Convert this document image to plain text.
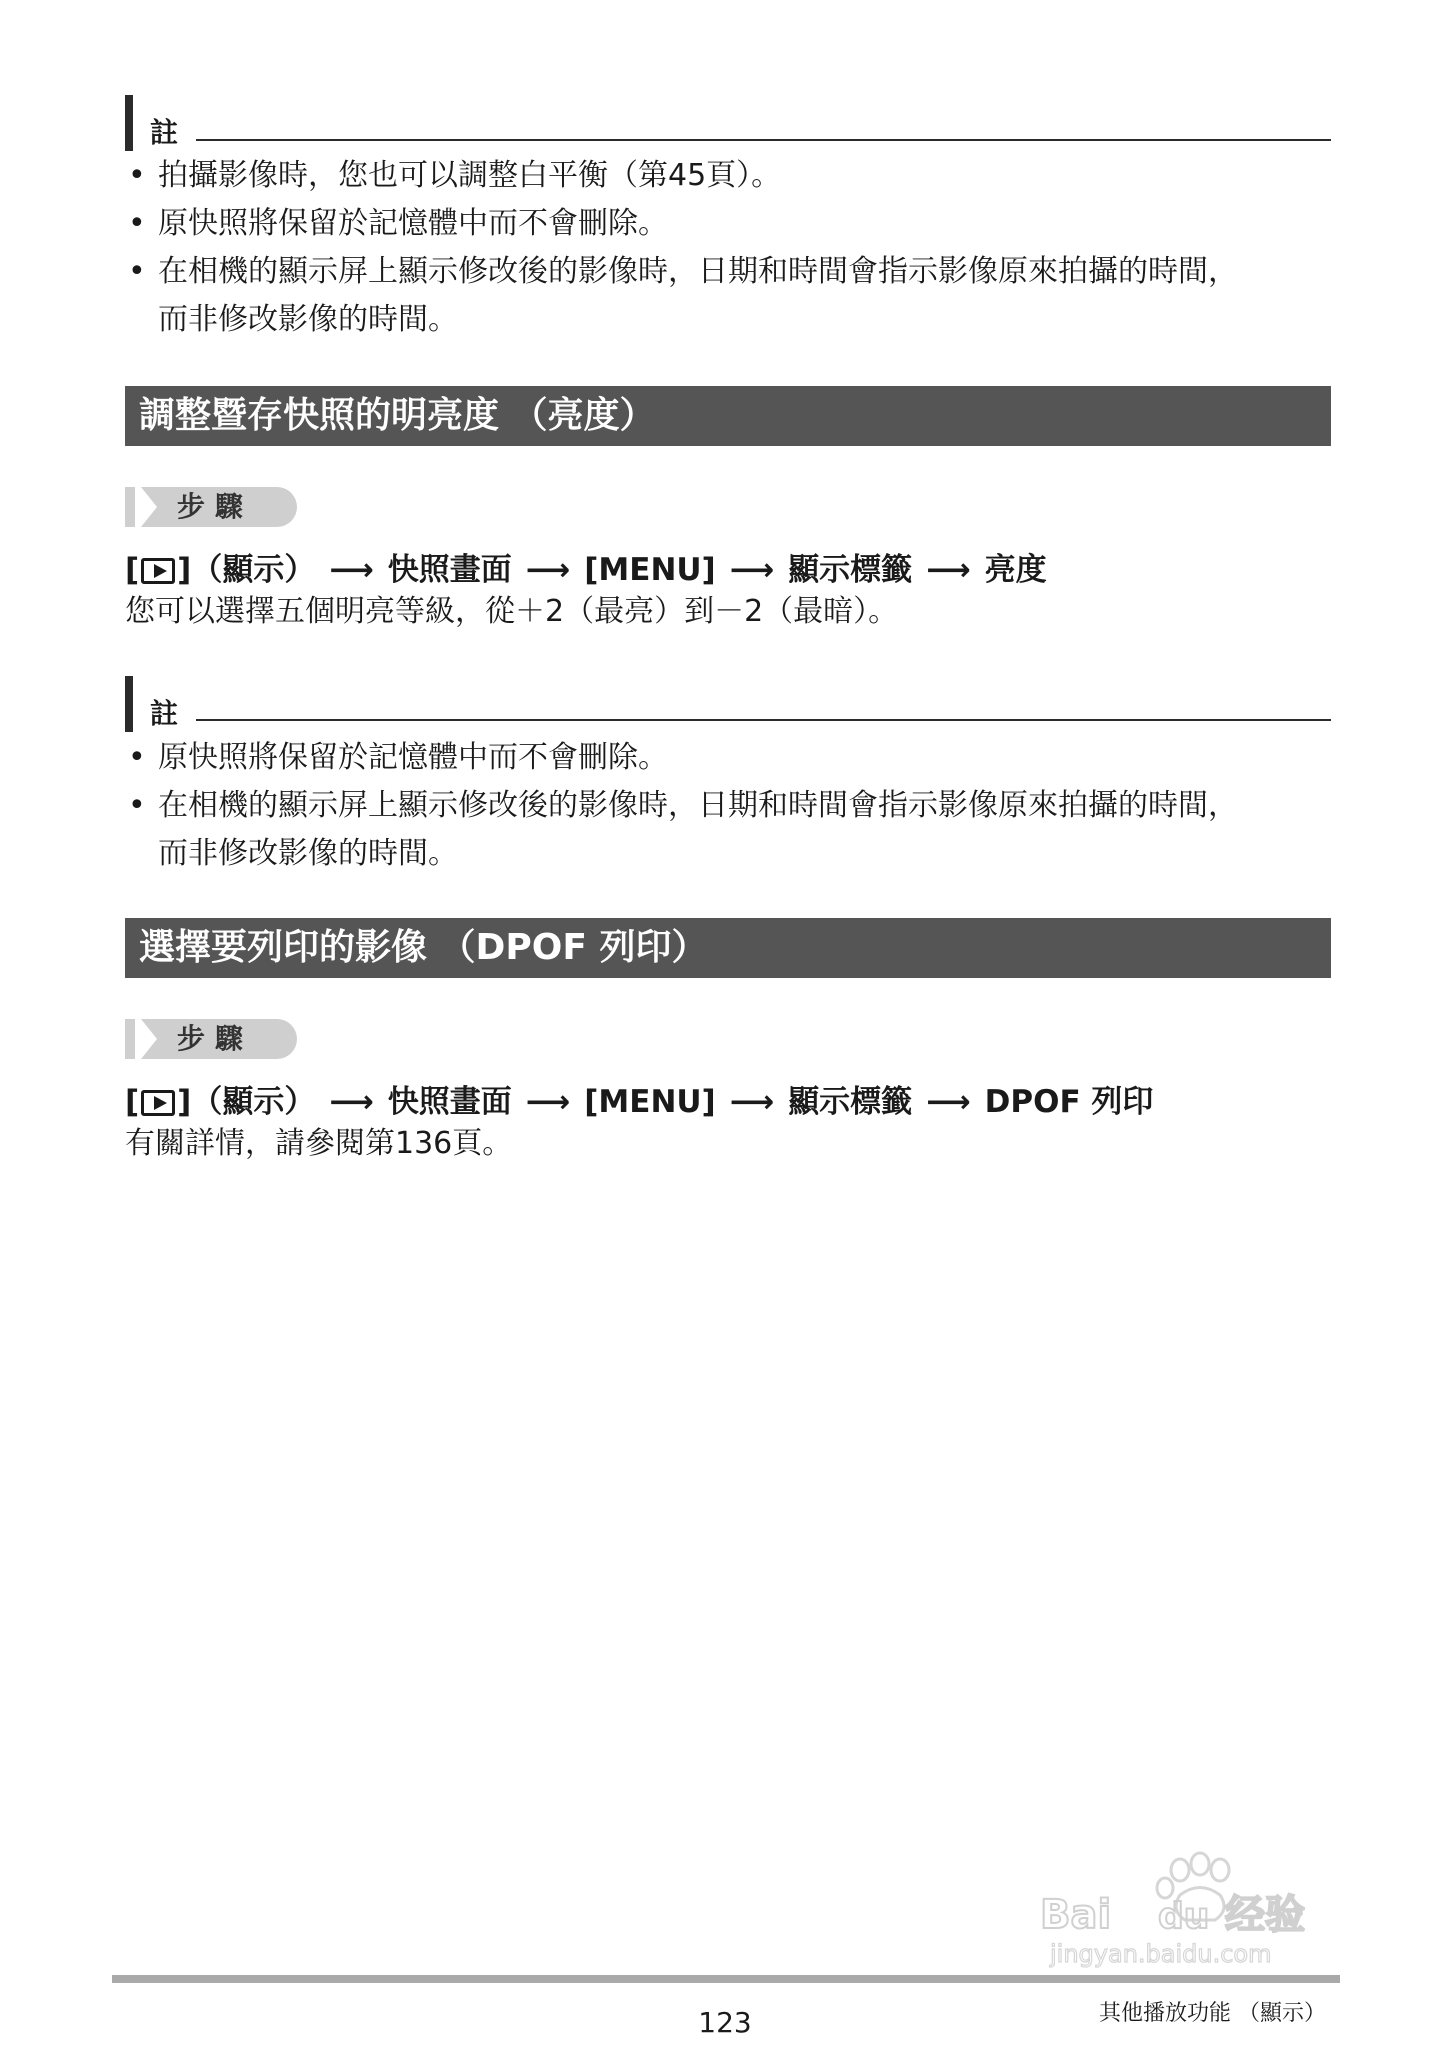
註
• 拍攝影像時，您也可以調整白平衡（第45頁）。
• 原快照將保留於記憶體中而不會刪除。
• 在相機的顯示屏上顯示修改後的影像時，日期和時間會指示影像原來拍攝的時間，
而非修改影像的時間。
調整暨存快照的明亮度 （亮度）
步驟
[ ]（顯示） ⟶ 快照畫面 ⟶ [MENU] ⟶ 顯示標籤 ⟶ 亮度
您可以選擇五個明亮等級，從＋2（最亮）到－2（最暗）。
註
• 原快照將保留於記憶體中而不會刪除。
• 在相機的顯示屏上顯示修改後的影像時，日期和時間會指示影像原來拍攝的時間，
而非修改影像的時間。
選擇要列印的影像 （DPOF 列印）
步驟
[ ]（顯示） ⟶ 快照畫面 ⟶ [MENU] ⟶ 顯示標籤 ⟶ DPOF 列印
有關詳情，請參閱第136頁。
Bai du 经验
jingyan.baidu.com
123	其他播放功能 （顯示）
